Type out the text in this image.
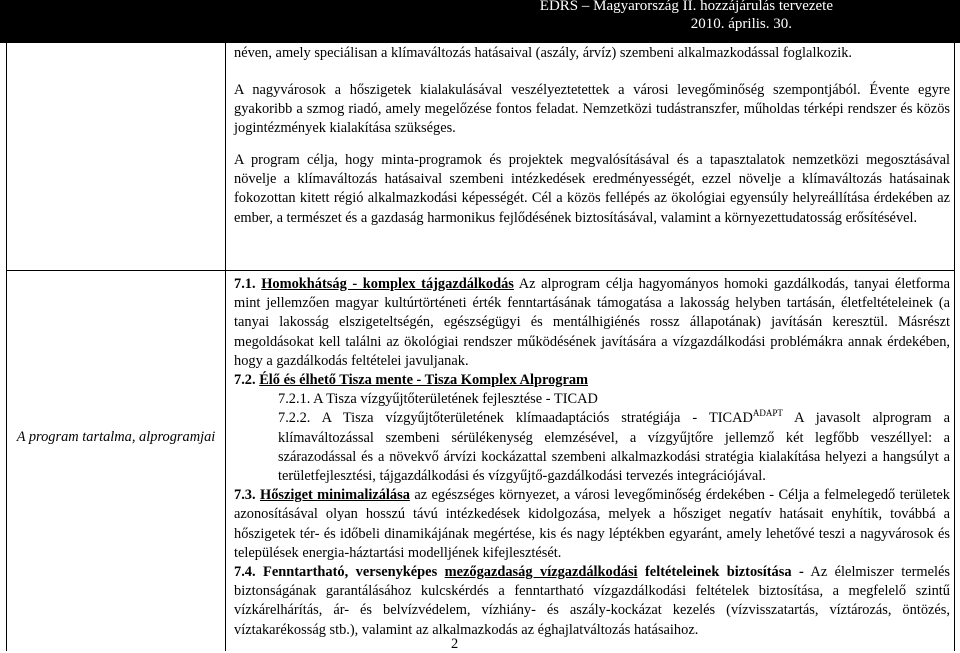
EDRS – Magyarország II. hozzájárulás tervezete
2010. április. 30.

néven, amely speciálisan a klímaváltozás hatásaival (aszály, árvíz) szembeni alkalmazkodással foglalkozik.

A nagyvárosok a hőszigetek kialakulásával veszélyeztetettek a városi levegőminőség szempontjából. Évente egyre gyakoribb a szmog riadó, amely megelőzése fontos feladat. Nemzetközi tudástranszfer, műholdas térképi rendszer és közös jogintézmények kialakítása szükséges.

A program célja, hogy minta-programok és projektek megvalósításával és a tapasztalatok nemzetközi megosztásával növelje a klímaváltozás hatásaival szembeni intézkedések eredményességét, ezzel növelje a klímaváltozás hatásainak fokozottan kitett régió alkalmazkodási képességét. Cél a közös fellépés az ökológiai egyensúly helyreállítása érdekében az ember, a természet és a gazdaság harmonikus fejlődésének biztosításával, valamint a környezettudatosság erősítésével.

A program tartalma, alprogramjai

7.1. Homokhátság - komplex tájgazdálkodás Az alprogram célja hagyományos homoki gazdálkodás, tanyai életforma mint jellemzően magyar kultúrtörténeti érték fenntartásának támogatása a lakosság helyben tartásán, életfeltételeinek (a tanyai lakosság elszigeteltségén, egészségügyi és mentálhigiénés rossz állapotának) javításán keresztül. Másrészt megoldásokat kell találni az ökológiai rendszer működésének javítására a vízgazdálkodási problémákra annak érdekében, hogy a gazdálkodás feltételei javuljanak.

7.2. Élő és élhető Tisza mente - Tisza Komplex Alprogram

7.2.1. A Tisza vízgyűjtőterületének fejlesztése - TICAD

7.2.2. A Tisza vízgyűjtőterületének klímaadaptációs stratégiája - $TICAD^{ADAPT}$ A javasolt alprogram a klímaváltozással szembeni sérülékenység elemzésével, a vízgyűjtőre jellemző két legfőbb veszéllyel: a szárazodással és a növekvő árvízi kockázattal szembeni alkalmazkodási stratégia kialakítása helyezi a hangsúlyt a területfejlesztési, tájgazdálkodási és vízgyűjtő-gazdálkodási tervezés integrációjával.

7.3. Hősziget minimalizálása az egészséges környezet, a városi levegőminőség érdekében - Célja a felmelegedő területek azonosításával olyan hosszú távú intézkedések kidolgozása, melyek a hősziget negatív hatásait enyhítik, továbbá a hőszigetek tér- és időbeli dinamikájának megértése, kis és nagy léptékben egyaránt, amely lehetővé teszi a nagyvárosok és települések energia-háztartási modelljének kifejlesztését.

7.4. Fenntartható, versenyképes mezőgazdaság vízgazdálkodási feltételeinek biztosítása - Az élelmiszer termelés biztonságának garantálásához kulcskérdés a fenntartható vízgazdálkodási feltételek biztosítása, a megfelelő szintű vízkárelhárítás, ár- és belvízvédelem, vízhiány- és aszály-kockázat kezelés (vízvisszatartás, víztározás, öntözés, víztakarékosság stb.), valamint az alkalmazkodás az éghajlatváltozás hatásaihoz.

2
